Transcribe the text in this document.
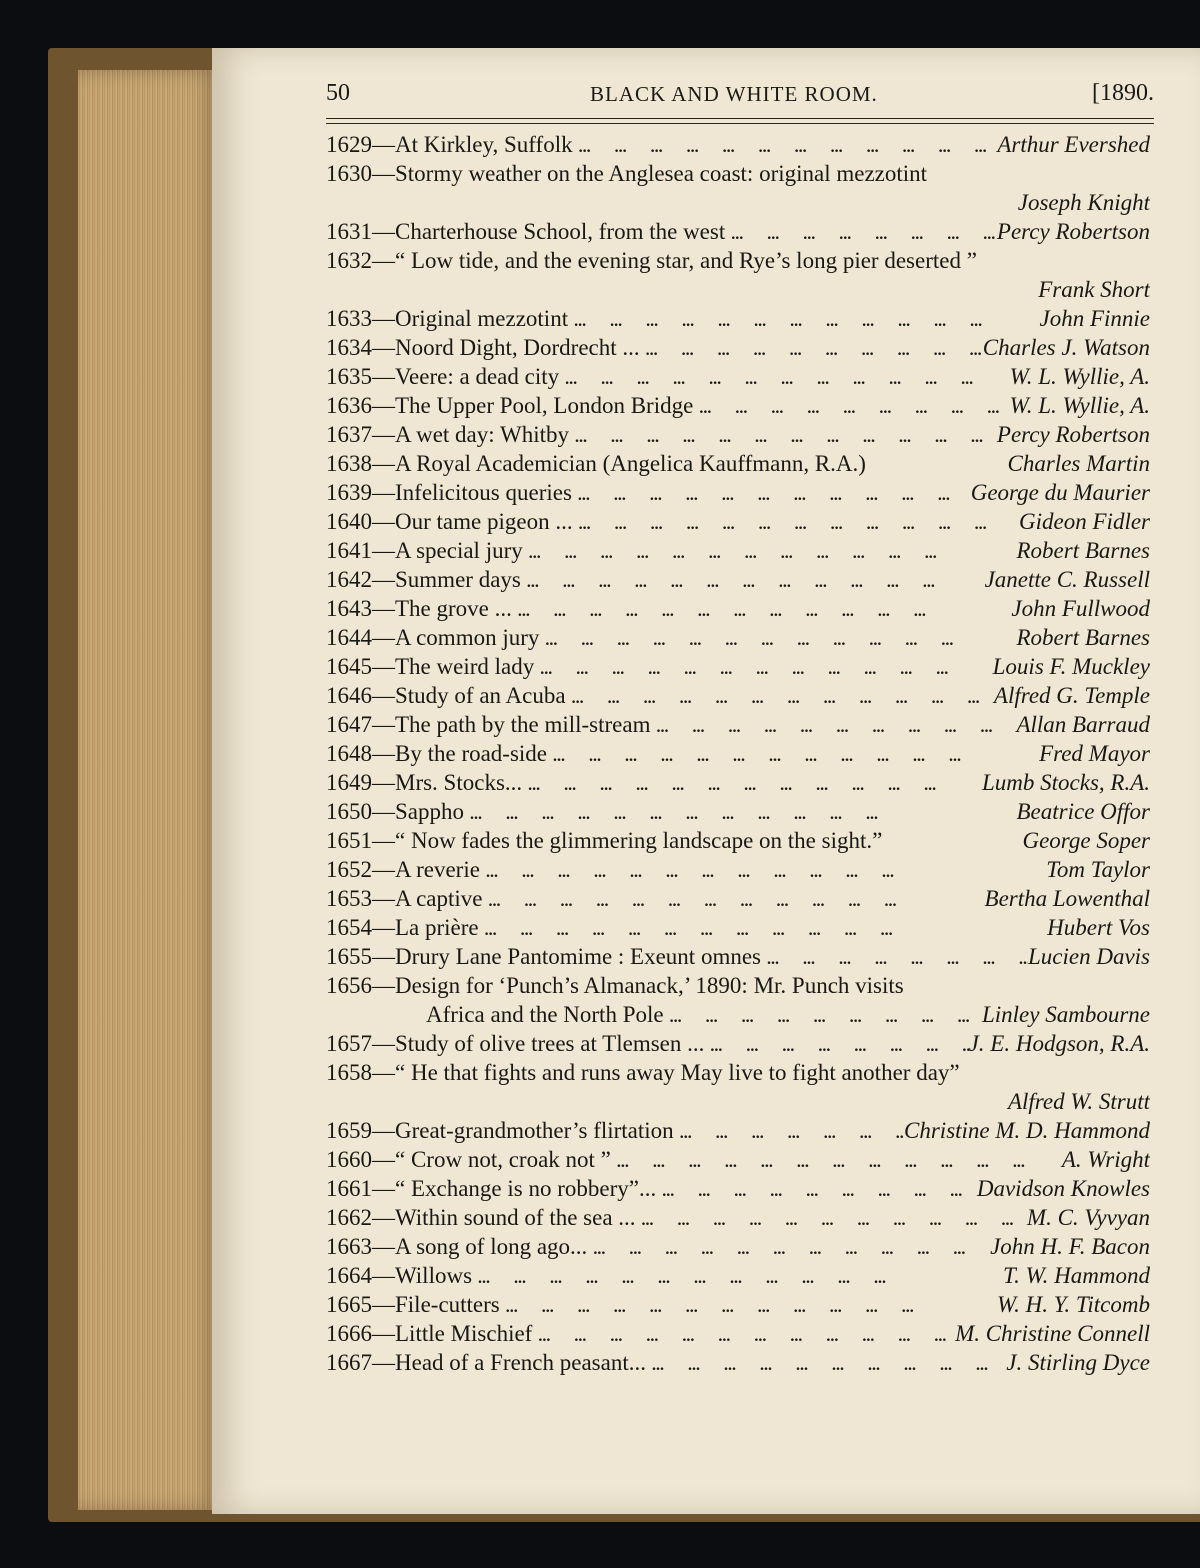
50	BLACK AND WHITE ROOM.	[1890.
1629— At Kirkley, Suffolk ...	Arthur Evershed
1630— Stormy weather on the Anglesea coast: original mezzotint
Joseph Knight
1631— Charterhouse School, from the west ...	Percy Robertson
1632— “ Low tide, and the evening star, and Rye’s long pier deserted ”
Frank Short
1633— Original mezzotint ...	John Finnie
1634— Noord Dight, Dordrecht ... ...	Charles J. Watson
1635— Veere: a dead city ...	W. L. Wyllie, A.
1636— The Upper Pool, London Bridge ...	W. L. Wyllie, A.
1637— A wet day: Whitby ...	Percy Robertson
1638— A Royal Academician (Angelica Kauffmann, R.A.)	Charles Martin
1639— Infelicitous queries ...	George du Maurier
1640— Our tame pigeon ... ...	Gideon Fidler
1641— A special jury ...	Robert Barnes
1642— Summer days ...	Janette C. Russell
1643— The grove ... ...	John Fullwood
1644— A common jury ...	Robert Barnes
1645— The weird lady ...	Louis F. Muckley
1646— Study of an Acuba ...	Alfred G. Temple
1647— The path by the mill-stream ...	Allan Barraud
1648— By the road-side ...	Fred Mayor
1649— Mrs. Stocks... ...	Lumb Stocks, R.A.
1650— Sappho ...	Beatrice Offor
1651— “ Now fades the glimmering landscape on the sight.”	George Soper
1652— A reverie ...	Tom Taylor
1653— A captive ...	Bertha Lowenthal
1654— La prière ...	Hubert Vos
1655— Drury Lane Pantomime : Exeunt omnes ...	Lucien Davis
1656— Design for ‘Punch’s Almanack,’ 1890: Mr. Punch visits
Africa and the North Pole ...	Linley Sambourne
1657— Study of olive trees at Tlemsen ... ...	J. E. Hodgson, R.A.
1658— “ He that fights and runs away May live to fight another day”
Alfred W. Strutt
1659— Great-grandmother’s flirtation ...	Christine M. D. Hammond
1660— “ Crow not, croak not ” ...	A. Wright
1661— “ Exchange is no robbery”... ...	Davidson Knowles
1662— Within sound of the sea ... ...	M. C. Vyvyan
1663— A song of long ago... ...	John H. F. Bacon
1664— Willows ...	T. W. Hammond
1665— File-cutters ...	W. H. Y. Titcomb
1666— Little Mischief ...	M. Christine Connell
1667— Head of a French peasant... ...	J. Stirling Dyce
